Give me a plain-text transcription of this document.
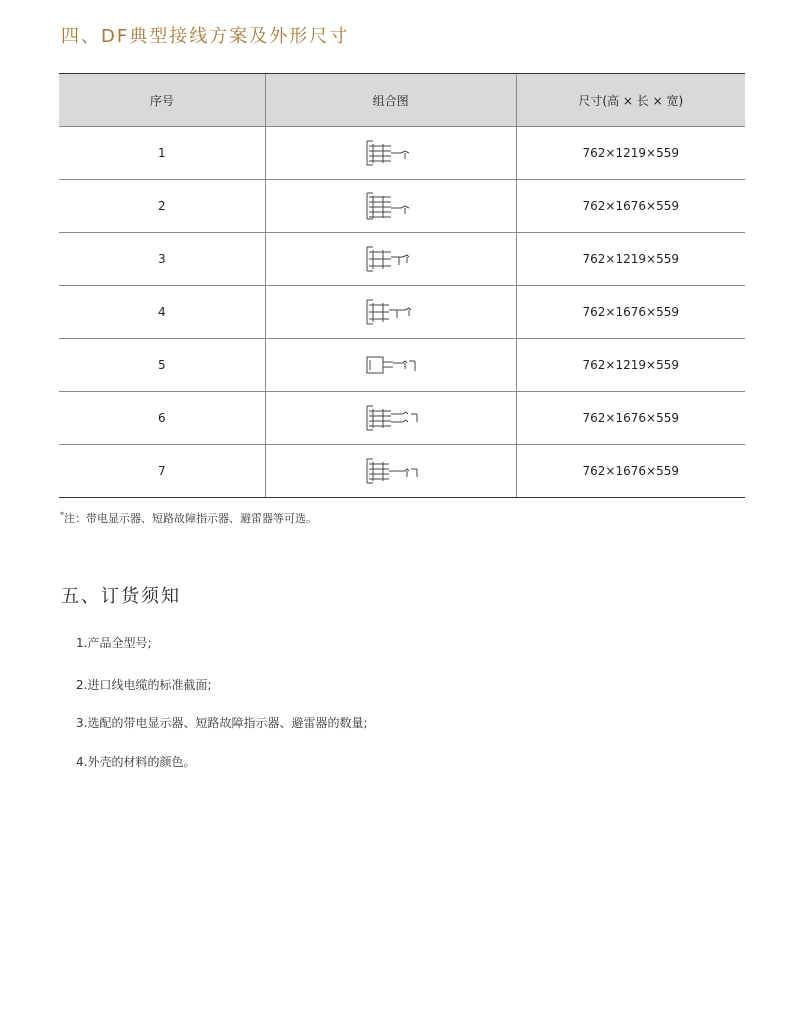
四、DF典型接线方案及外形尺寸
序号	组合图	尺寸(高 × 长 × 宽)
1		762×1219×559
2		762×1676×559
3		762×1219×559
4		762×1676×559
5		762×1219×559
6		762×1676×559
7		762×1676×559
*注：带电显示器、短路故障指示器、避雷器等可选。
五、订货须知
1.产品全型号;
2.进口线电缆的标准截面;
3.选配的带电显示器、短路故障指示器、避雷器的数量;
4.外壳的材料的颜色。
